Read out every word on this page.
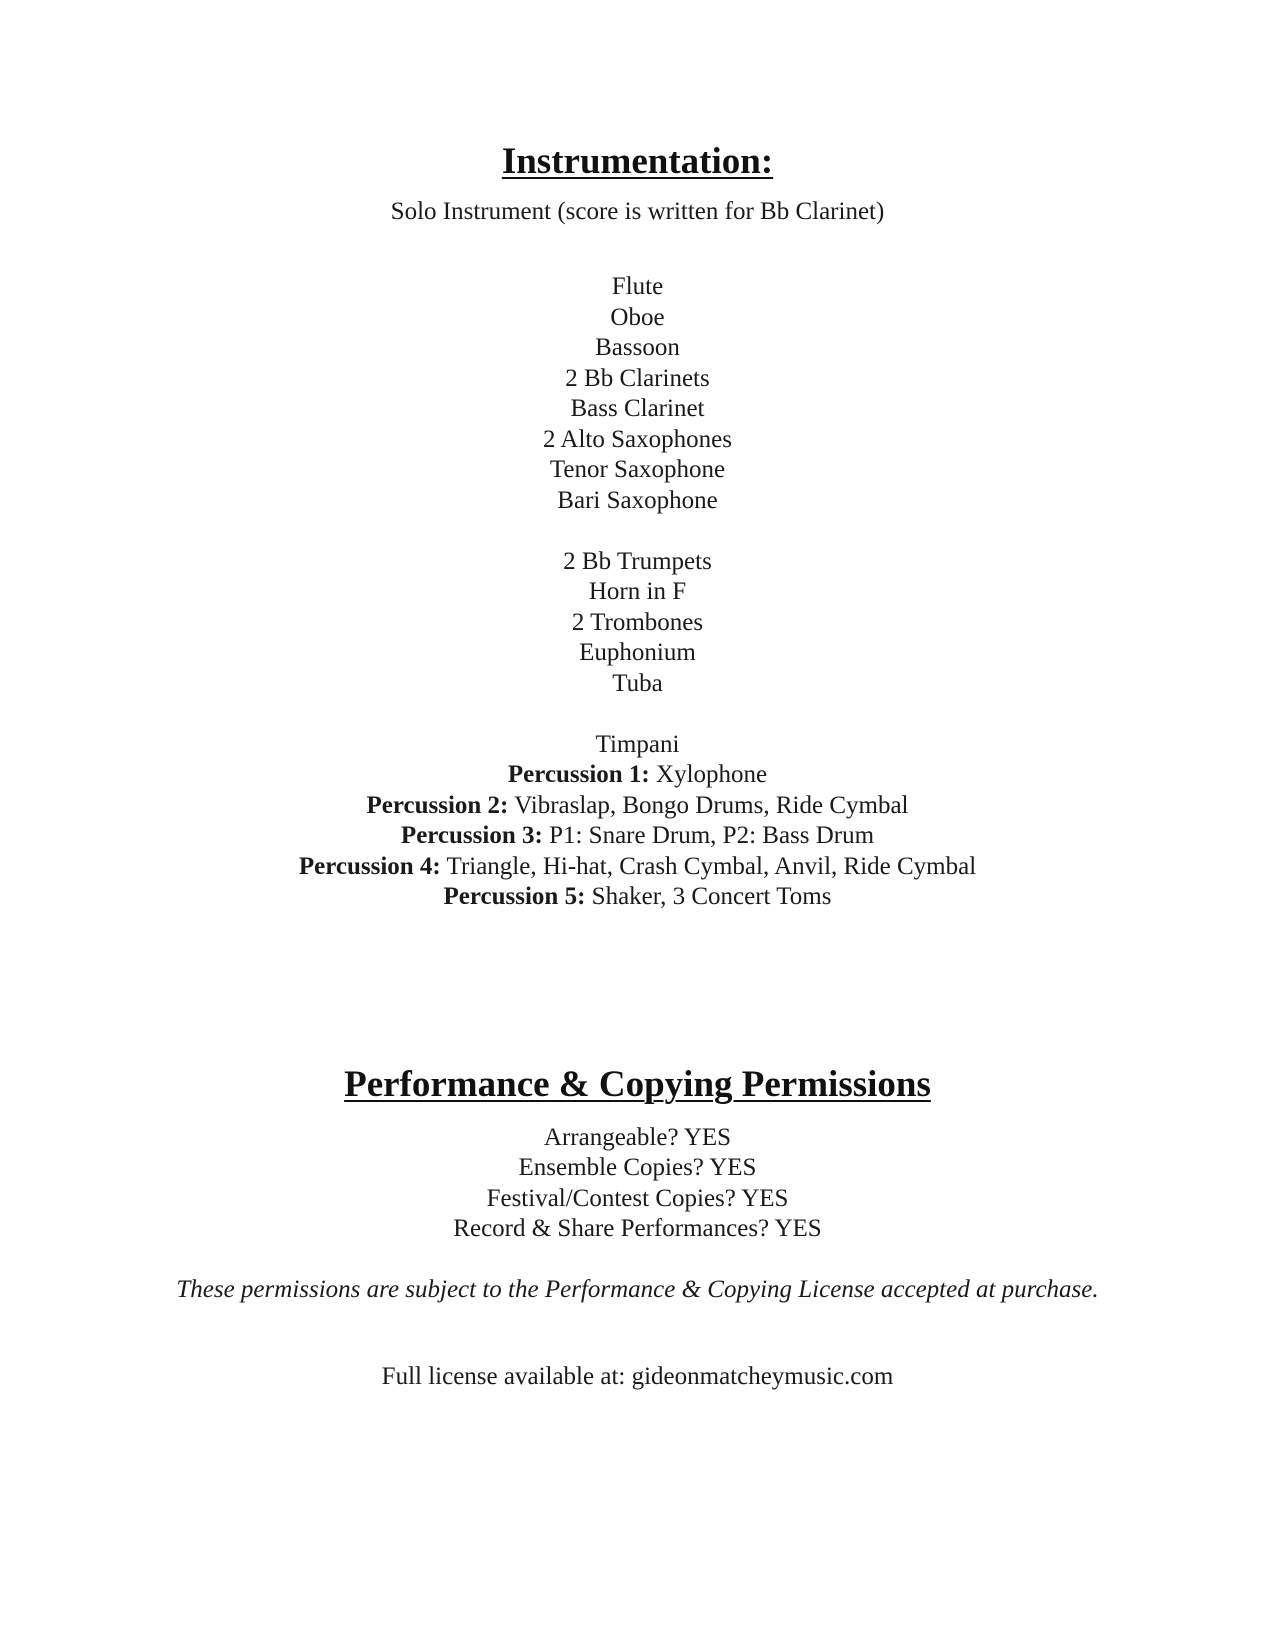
Instrumentation:
Solo Instrument (score is written for Bb Clarinet)
Flute
Oboe
Bassoon
2 Bb Clarinets
Bass Clarinet
2 Alto Saxophones
Tenor Saxophone
Bari Saxophone
2 Bb Trumpets
Horn in F
2 Trombones
Euphonium
Tuba
Timpani
Percussion 1: Xylophone
Percussion 2: Vibraslap, Bongo Drums, Ride Cymbal
Percussion 3: P1: Snare Drum, P2: Bass Drum
Percussion 4: Triangle, Hi-hat, Crash Cymbal, Anvil, Ride Cymbal
Percussion 5: Shaker, 3 Concert Toms
Performance & Copying Permissions
Arrangeable? YES
Ensemble Copies? YES
Festival/Contest Copies? YES
Record & Share Performances? YES
These permissions are subject to the Performance & Copying License accepted at purchase.
Full license available at: gideonmatcheymusic.com
